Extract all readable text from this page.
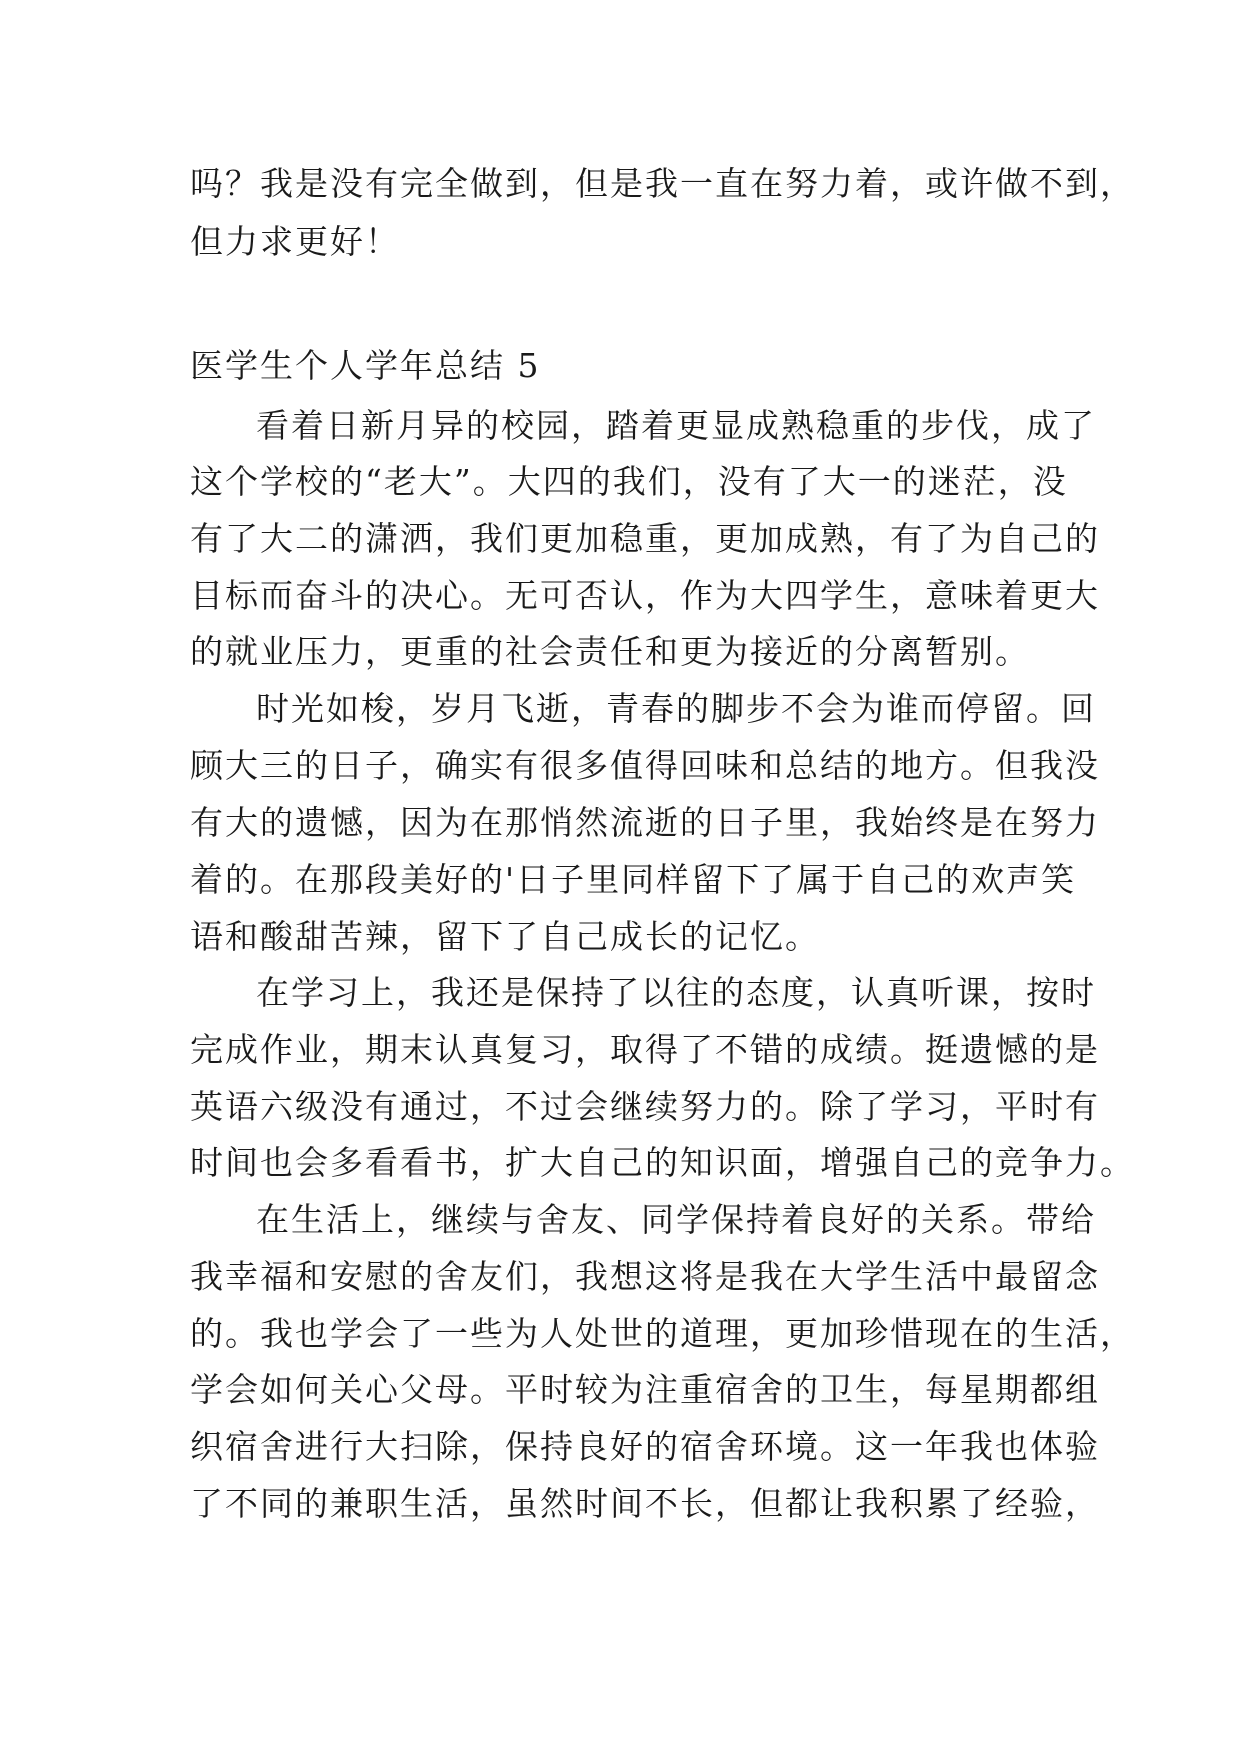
吗？我是没有完全做到，但是我一直在努力着，或许做不到，
但力求更好！
医学生个人学年总结 5
看着日新月异的校园，踏着更显成熟稳重的步伐，成了
这个学校的“老大”。大四的我们，没有了大一的迷茫，没
有了大二的潇洒，我们更加稳重，更加成熟，有了为自己的
目标而奋斗的决心。无可否认，作为大四学生，意味着更大
的就业压力，更重的社会责任和更为接近的分离暂别。
时光如梭，岁月飞逝，青春的脚步不会为谁而停留。回
顾大三的日子，确实有很多值得回味和总结的地方。但我没
有大的遗憾，因为在那悄然流逝的日子里，我始终是在努力
着的。在那段美好的'日子里同样留下了属于自己的欢声笑
语和酸甜苦辣，留下了自己成长的记忆。
在学习上，我还是保持了以往的态度，认真听课，按时
完成作业，期末认真复习，取得了不错的成绩。挺遗憾的是
英语六级没有通过，不过会继续努力的。除了学习，平时有
时间也会多看看书，扩大自己的知识面，增强自己的竞争力。
在生活上，继续与舍友、同学保持着良好的关系。带给
我幸福和安慰的舍友们，我想这将是我在大学生活中最留念
的。我也学会了一些为人处世的道理，更加珍惜现在的生活，
学会如何关心父母。平时较为注重宿舍的卫生，每星期都组
织宿舍进行大扫除，保持良好的宿舍环境。这一年我也体验
了不同的兼职生活，虽然时间不长，但都让我积累了经验，
